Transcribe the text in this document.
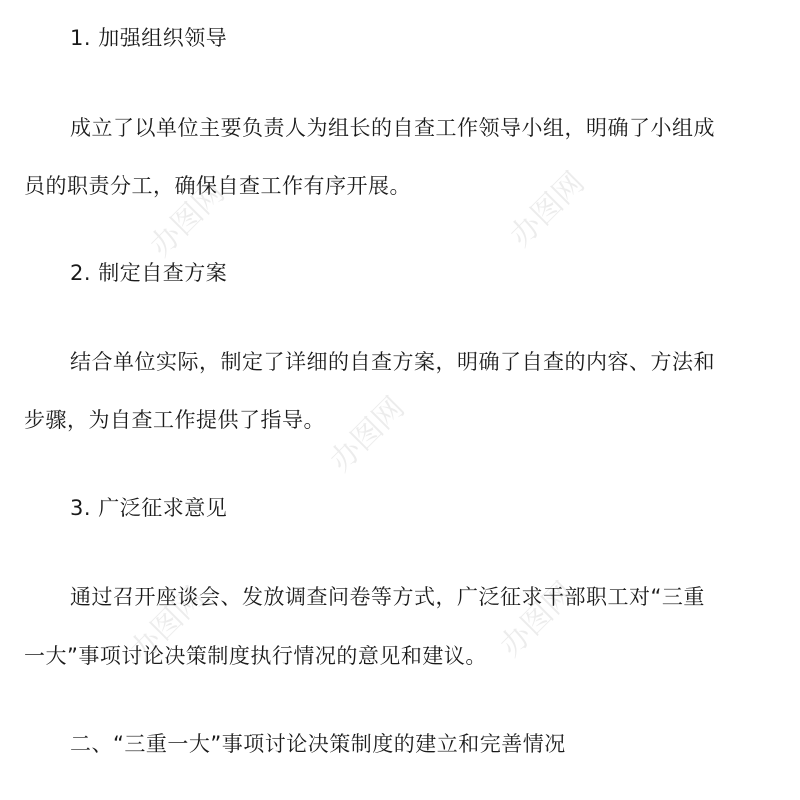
办图网	办图网
办图网
办图网	办图网
1. 加强组织领导
成立了以单位主要负责人为组长的自查工作领导小组，明确了小组成
员的职责分工，确保自查工作有序开展。
2. 制定自查方案
结合单位实际，制定了详细的自查方案，明确了自查的内容、方法和
步骤，为自查工作提供了指导。
3. 广泛征求意见
通过召开座谈会、发放调查问卷等方式，广泛征求干部职工对“三重
一大”事项讨论决策制度执行情况的意见和建议。
二、“三重一大”事项讨论决策制度的建立和完善情况
